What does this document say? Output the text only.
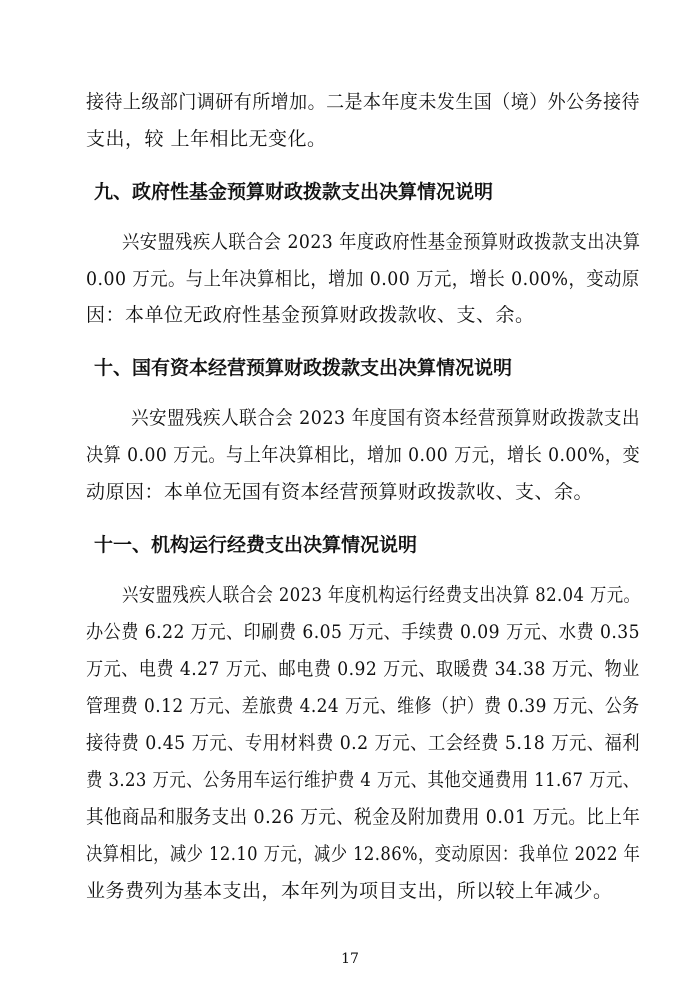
接待上级部门调研有所增加。二是本年度未发生国（境）外公务接待
支出，较 上年相比无变化。
九、政府性基金预算财政拨款支出决算情况说明
兴安盟残疾人联合会 2023 年度政府性基金预算财政拨款支出决算
0.00 万元。与上年决算相比，增加 0.00 万元，增长 0.00%，变动原
因：本单位无政府性基金预算财政拨款收、支、余。
十、国有资本经营预算财政拨款支出决算情况说明
兴安盟残疾人联合会 2023 年度国有资本经营预算财政拨款支出
决算 0.00 万元。与上年决算相比，增加 0.00 万元，增长 0.00%，变
动原因：本单位无国有资本经营预算财政拨款收、支、余。
十一、机构运行经费支出决算情况说明
兴安盟残疾人联合会 2023 年度机构运行经费支出决算 82.04 万元。
办公费 6.22 万元、印刷费 6.05 万元、手续费 0.09 万元、水费 0.35
万元、电费 4.27 万元、邮电费 0.92 万元、取暖费 34.38 万元、物业
管理费 0.12 万元、差旅费 4.24 万元、维修（护）费 0.39 万元、公务
接待费 0.45 万元、专用材料费 0.2 万元、工会经费 5.18 万元、福利
费 3.23 万元、公务用车运行维护费 4 万元、其他交通费用 11.67 万元、
其他商品和服务支出 0.26 万元、税金及附加费用 0.01 万元。比上年
决算相比，减少 12.10 万元，减少 12.86%，变动原因：我单位 2022 年
业务费列为基本支出，本年列为项目支出，所以较上年减少。
17
